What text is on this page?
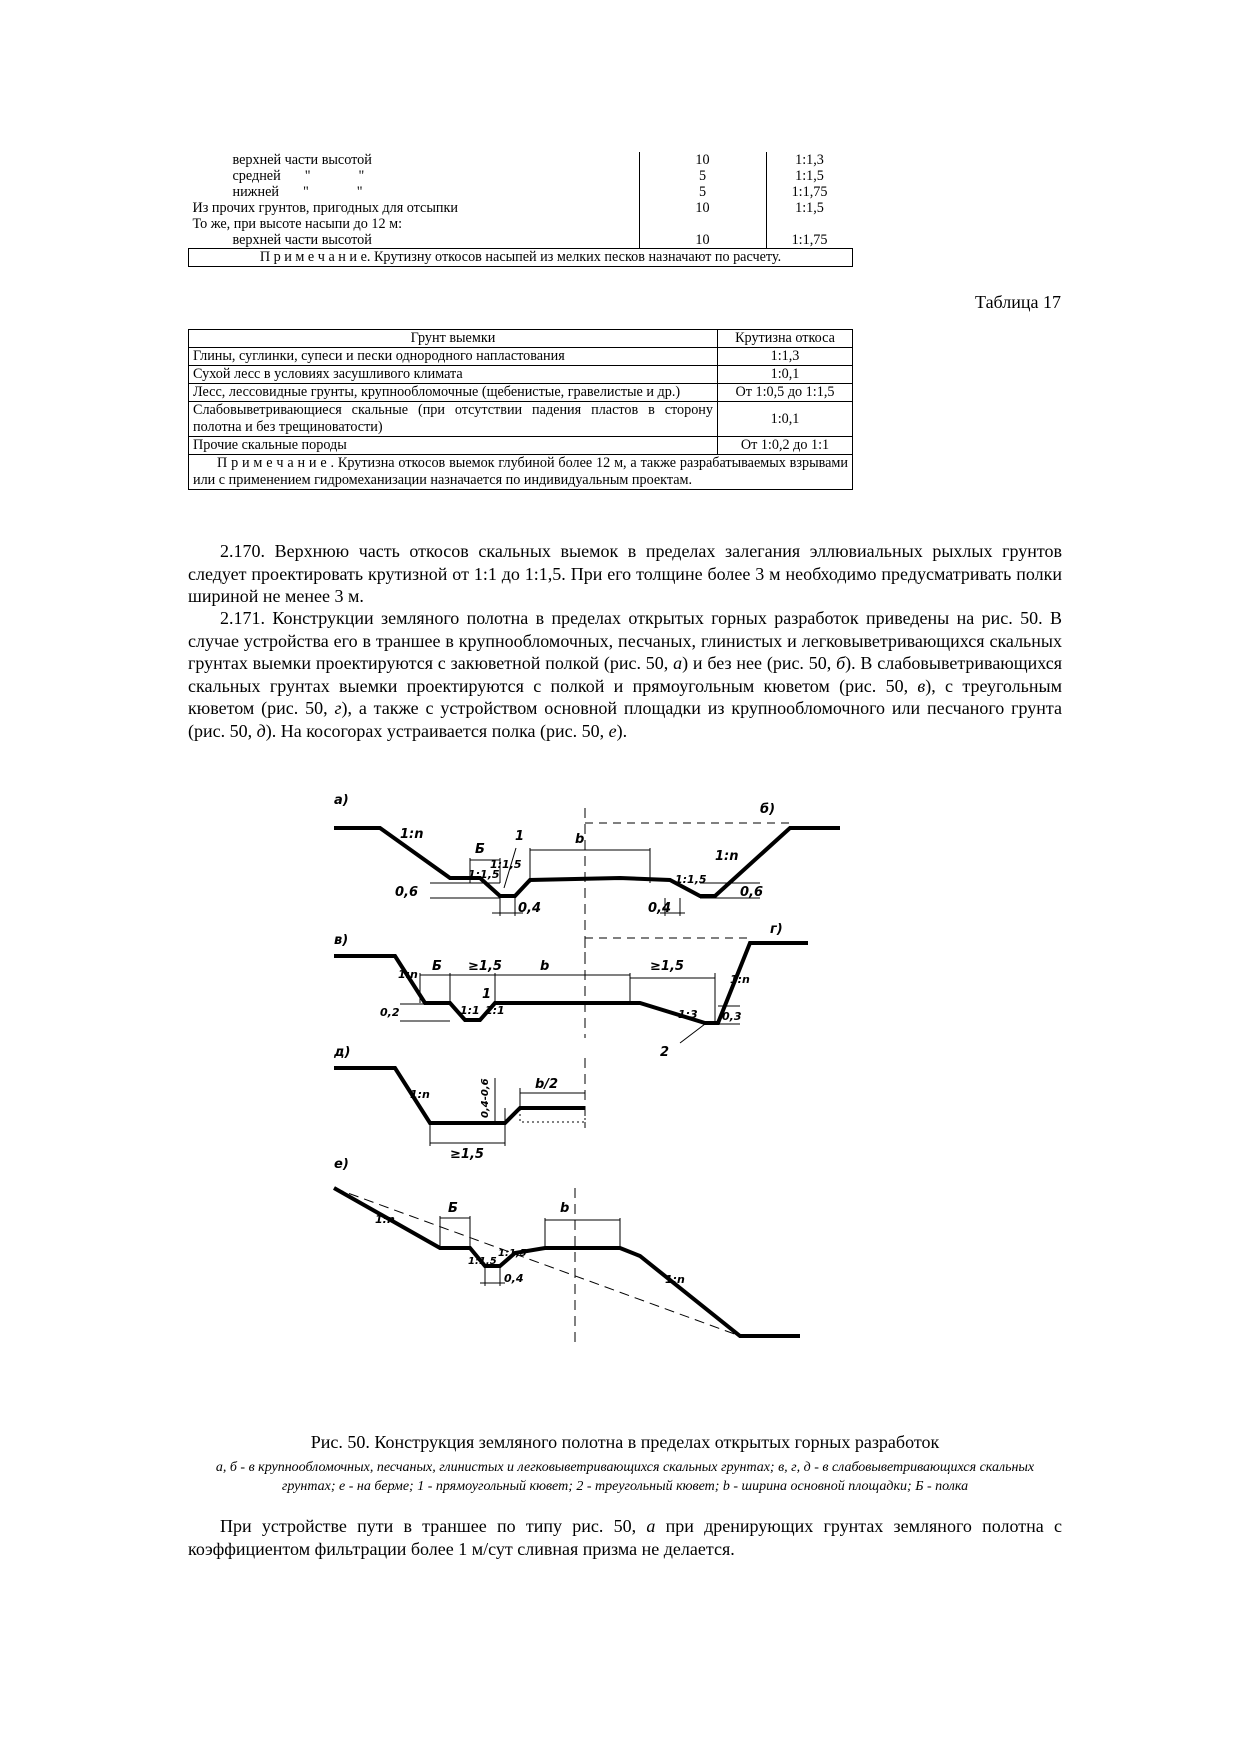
верхней части высотой	10	1:1,3
средней " "	5	1:1,5
нижней " "	5	1:1,75
Из прочих грунтов, пригодных для отсыпки	10	1:1,5
То же, при высоте насыпи до 12 м:		
верхней части высотой	10	1:1,75
П р и м е ч а н и е. Крутизну откосов насыпей из мелких песков назначают по расчету.		
Таблица 17
Грунт выемки	Крутизна откоса
Глины, суглинки, супеси и пески однородного напластования	1:1,3
Сухой лесс в условиях засушливого климата	1:0,1
Лесс, лессовидные грунты, крупнообломочные (щебенистые, гравелистые и др.)	От 1:0,5 до 1:1,5
Слабовыветривающиеся скальные (при отсутствии падения пластов в сторону полотна и без трещиноватости)	1:0,1
Прочие скальные породы	От 1:0,2 до 1:1
П р и м е ч а н и е . Крутизна откосов выемок глубиной более 12 м, а также разрабатываемых взрывами или с применением гидромеханизации назначается по индивидуальным проектам.	

2.170. Верхнюю часть откосов скальных выемок в пределах залегания эллювиальных рыхлых грунтов следует проектировать крутизной от 1:1 до 1:1,5. При его толщине более 3 м необходимо предусматривать полки шириной не менее 3 м.

2.171. Конструкции земляного полотна в пределах открытых горных разработок приведены на рис. 50. В случае устройства его в траншее в крупнообломочных, песчаных, глинистых и легковыветривающихся скальных грунтах выемки проектируются с закюветной полкой (рис. 50, а) и без нее (рис. 50, б). В слабовыветривающихся скальных грунтах выемки проектируются с полкой и прямоугольным кюветом (рис. 50, в), с треугольным кюветом (рис. 50, г), а также с устройством основной площадки из крупнообломочного или песчаного грунта (рис. 50, д). На косогорах устраивается полка (рис. 50, е).

а)
б)
1:n
1:n
Б
1	b
1:1,5
1:1,5
1:1,5
0,6	0,6
0,4	0,4
в)
г)
1:n	1:n
Б ≥1,5	b	≥1,5
1
1:1 1:1	1:3
0,2	0,3
2
д)
1:n
b/2
≥1,5
0,4-0,6
е)
1:n
1:n
Б	b
1:1,5
1:1,5
0,4
Рис. 50. Конструкция земляного полотна в пределах открытых горных разработок
а, б - в крупнообломочных, песчаных, глинистых и легковыветривающихся скальных грунтах; в, г, д - в слабовыветривающихся скальных грунтах; е - на берме; 1 - прямоугольный кювет; 2 - треугольный кювет; b - ширина основной площадки; Б - полка

При устройстве пути в траншее по типу рис. 50, а при дренирующих грунтах земляного полотна с коэффициентом фильтрации более 1 м/сут сливная призма не делается.
